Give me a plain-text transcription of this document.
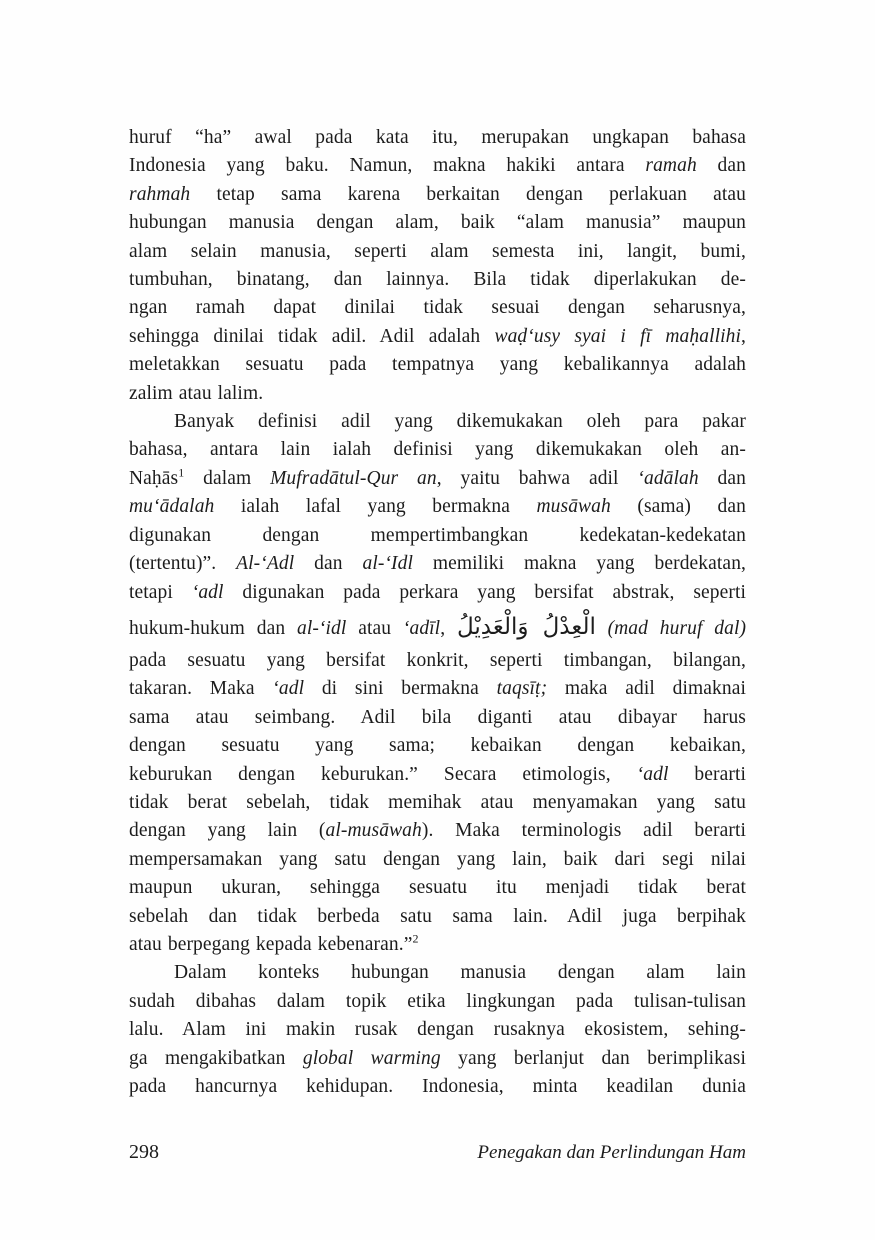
huruf “ha” awal pada kata itu, merupakan ungkapan bahasa
Indonesia yang baku. Namun, makna hakiki antara ramah dan
rahmah tetap sama karena berkaitan dengan perlakuan atau
hubungan manusia dengan alam, baik “alam manusia” maupun
alam selain manusia, seperti alam semesta ini, langit, bumi,
tumbuhan, binatang, dan lainnya. Bila tidak diperlakukan de-
ngan ramah dapat dinilai tidak sesuai dengan seharusnya,
sehingga dinilai tidak adil. Adil adalah waḍ‘usy syai i fī maḥallihi,
meletakkan sesuatu pada tempatnya yang kebalikannya adalah
zalim atau lalim.
Banyak definisi adil yang dikemukakan oleh para pakar
bahasa, antara lain ialah definisi yang dikemukakan oleh an-
Naḥās$^1$ dalam Mufradātul-Qur an, yaitu bahwa adil ‘adālah dan
mu‘ādalah ialah lafal yang bermakna musāwah (sama) dan
digunakan dengan mempertimbangkan kedekatan-kedekatan
(tertentu)”. Al-‘Adl dan al-‘Idl memiliki makna yang berdekatan,
tetapi ‘adl digunakan pada perkara yang bersifat abstrak, seperti
hukum-hukum dan al-‘idl atau ‘adīl, الْعِدْلُ وَالْعَدِيْلُ (mad huruf dal)
pada sesuatu yang bersifat konkrit, seperti timbangan, bilangan,
takaran. Maka ‘adl di sini bermakna taqsīṭ; maka adil dimaknai
sama atau seimbang. Adil bila diganti atau dibayar harus
dengan sesuatu yang sama; kebaikan dengan kebaikan,
keburukan dengan keburukan.” Secara etimologis, ‘adl berarti
tidak berat sebelah, tidak memihak atau menyamakan yang satu
dengan yang lain (al-musāwah). Maka terminologis adil berarti
mempersamakan yang satu dengan yang lain, baik dari segi nilai
maupun ukuran, sehingga sesuatu itu menjadi tidak berat
sebelah dan tidak berbeda satu sama lain. Adil juga berpihak
atau berpegang kepada kebenaran.”$^2$
Dalam konteks hubungan manusia dengan alam lain
sudah dibahas dalam topik etika lingkungan pada tulisan-tulisan
lalu. Alam ini makin rusak dengan rusaknya ekosistem, sehing-
ga mengakibatkan global warming yang berlanjut dan berimplikasi
pada hancurnya kehidupan. Indonesia, minta keadilan dunia
298	Penegakan dan Perlindungan Ham
